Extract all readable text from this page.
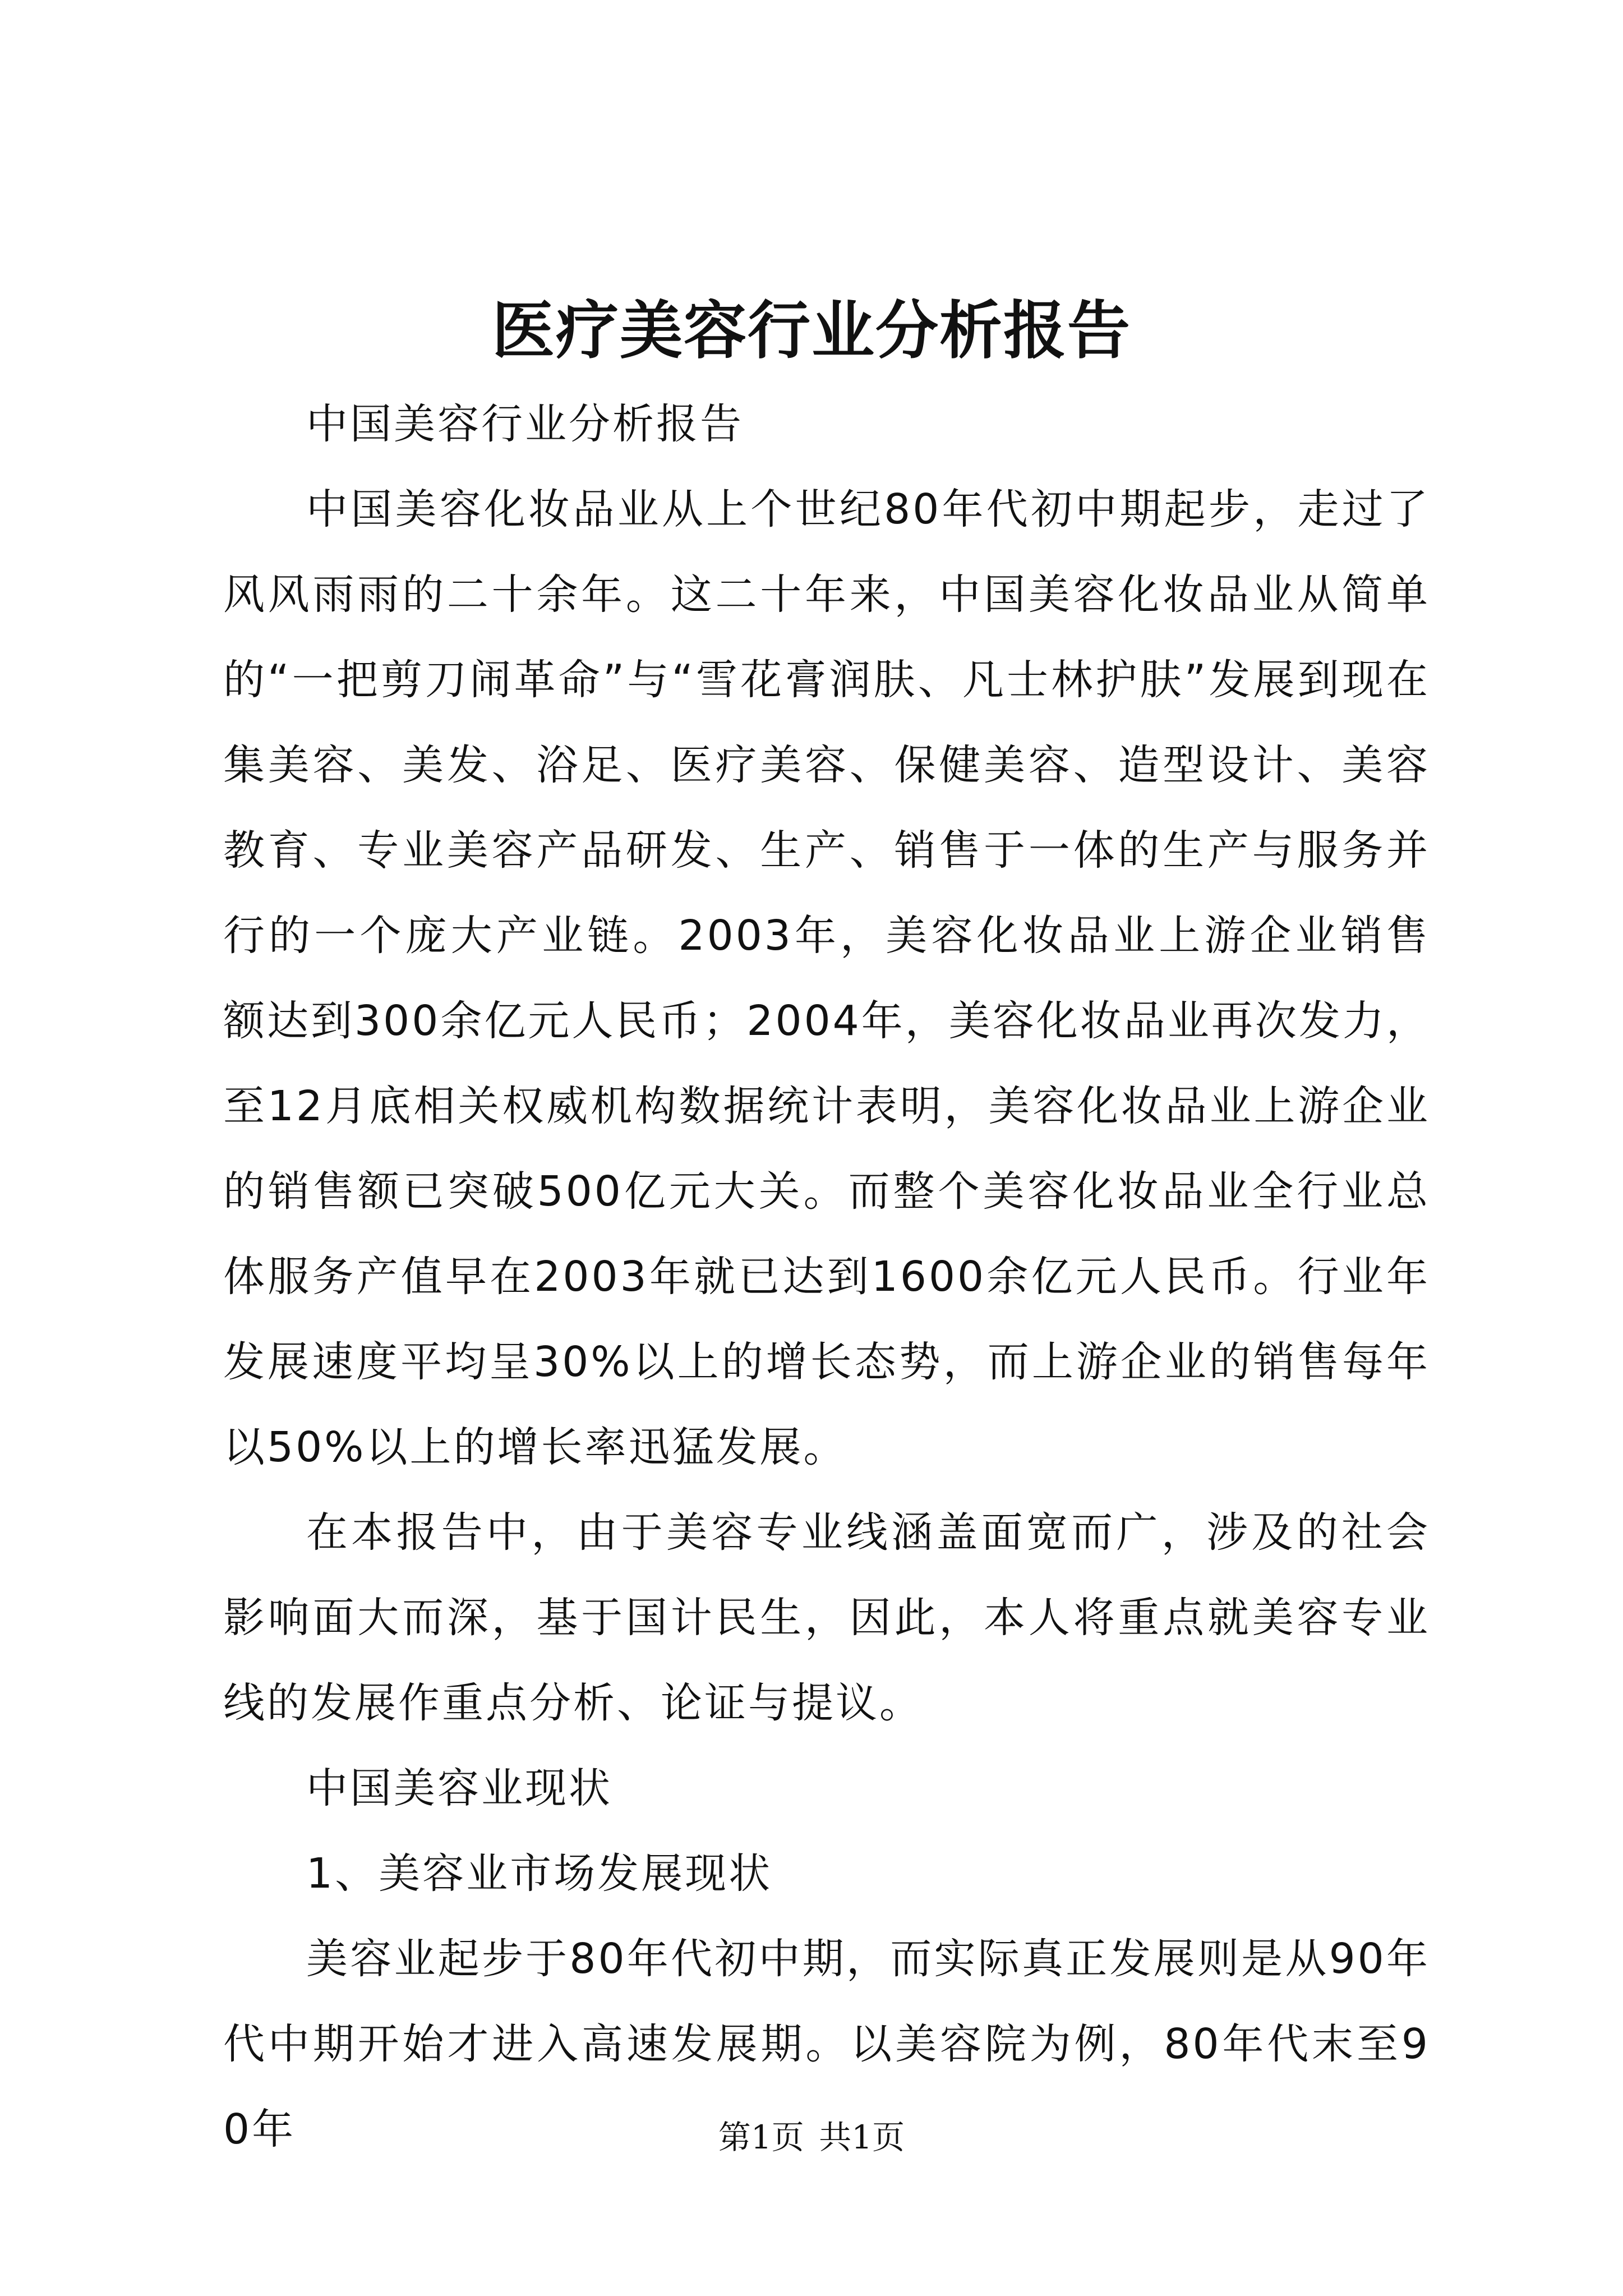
医疗美容行业分析报告

中国美容行业分析报告

中国美容化妆品业从上个世纪80年代初中期起步，走过了风风雨雨的二十余年。这二十年来，中国美容化妆品业从简单的“一把剪刀闹革命”与“雪花膏润肤、凡士林护肤”发展到现在集美容、美发、浴足、医疗美容、保健美容、造型设计、美容教育、专业美容产品研发、生产、销售于一体的生产与服务并行的一个庞大产业链。2003年，美容化妆品业上游企业销售额达到300余亿元人民币；2004年，美容化妆品业再次发力，至12月底相关权威机构数据统计表明，美容化妆品业上游企业的销售额已突破500亿元大关。而整个美容化妆品业全行业总体服务产值早在2003年就已达到1600余亿元人民币。行业年发展速度平均呈30%以上的增长态势，而上游企业的销售每年以50%以上的增长率迅猛发展。

在本报告中，由于美容专业线涵盖面宽而广，涉及的社会影响面大而深，基于国计民生，因此，本人将重点就美容专业线的发展作重点分析、论证与提议。

中国美容业现状

1、美容业市场发展现状

美容业起步于80年代初中期，而实际真正发展则是从90年代中期开始才进入高速发展期。以美容院为例，80年代末至90年	第1页 共1页
